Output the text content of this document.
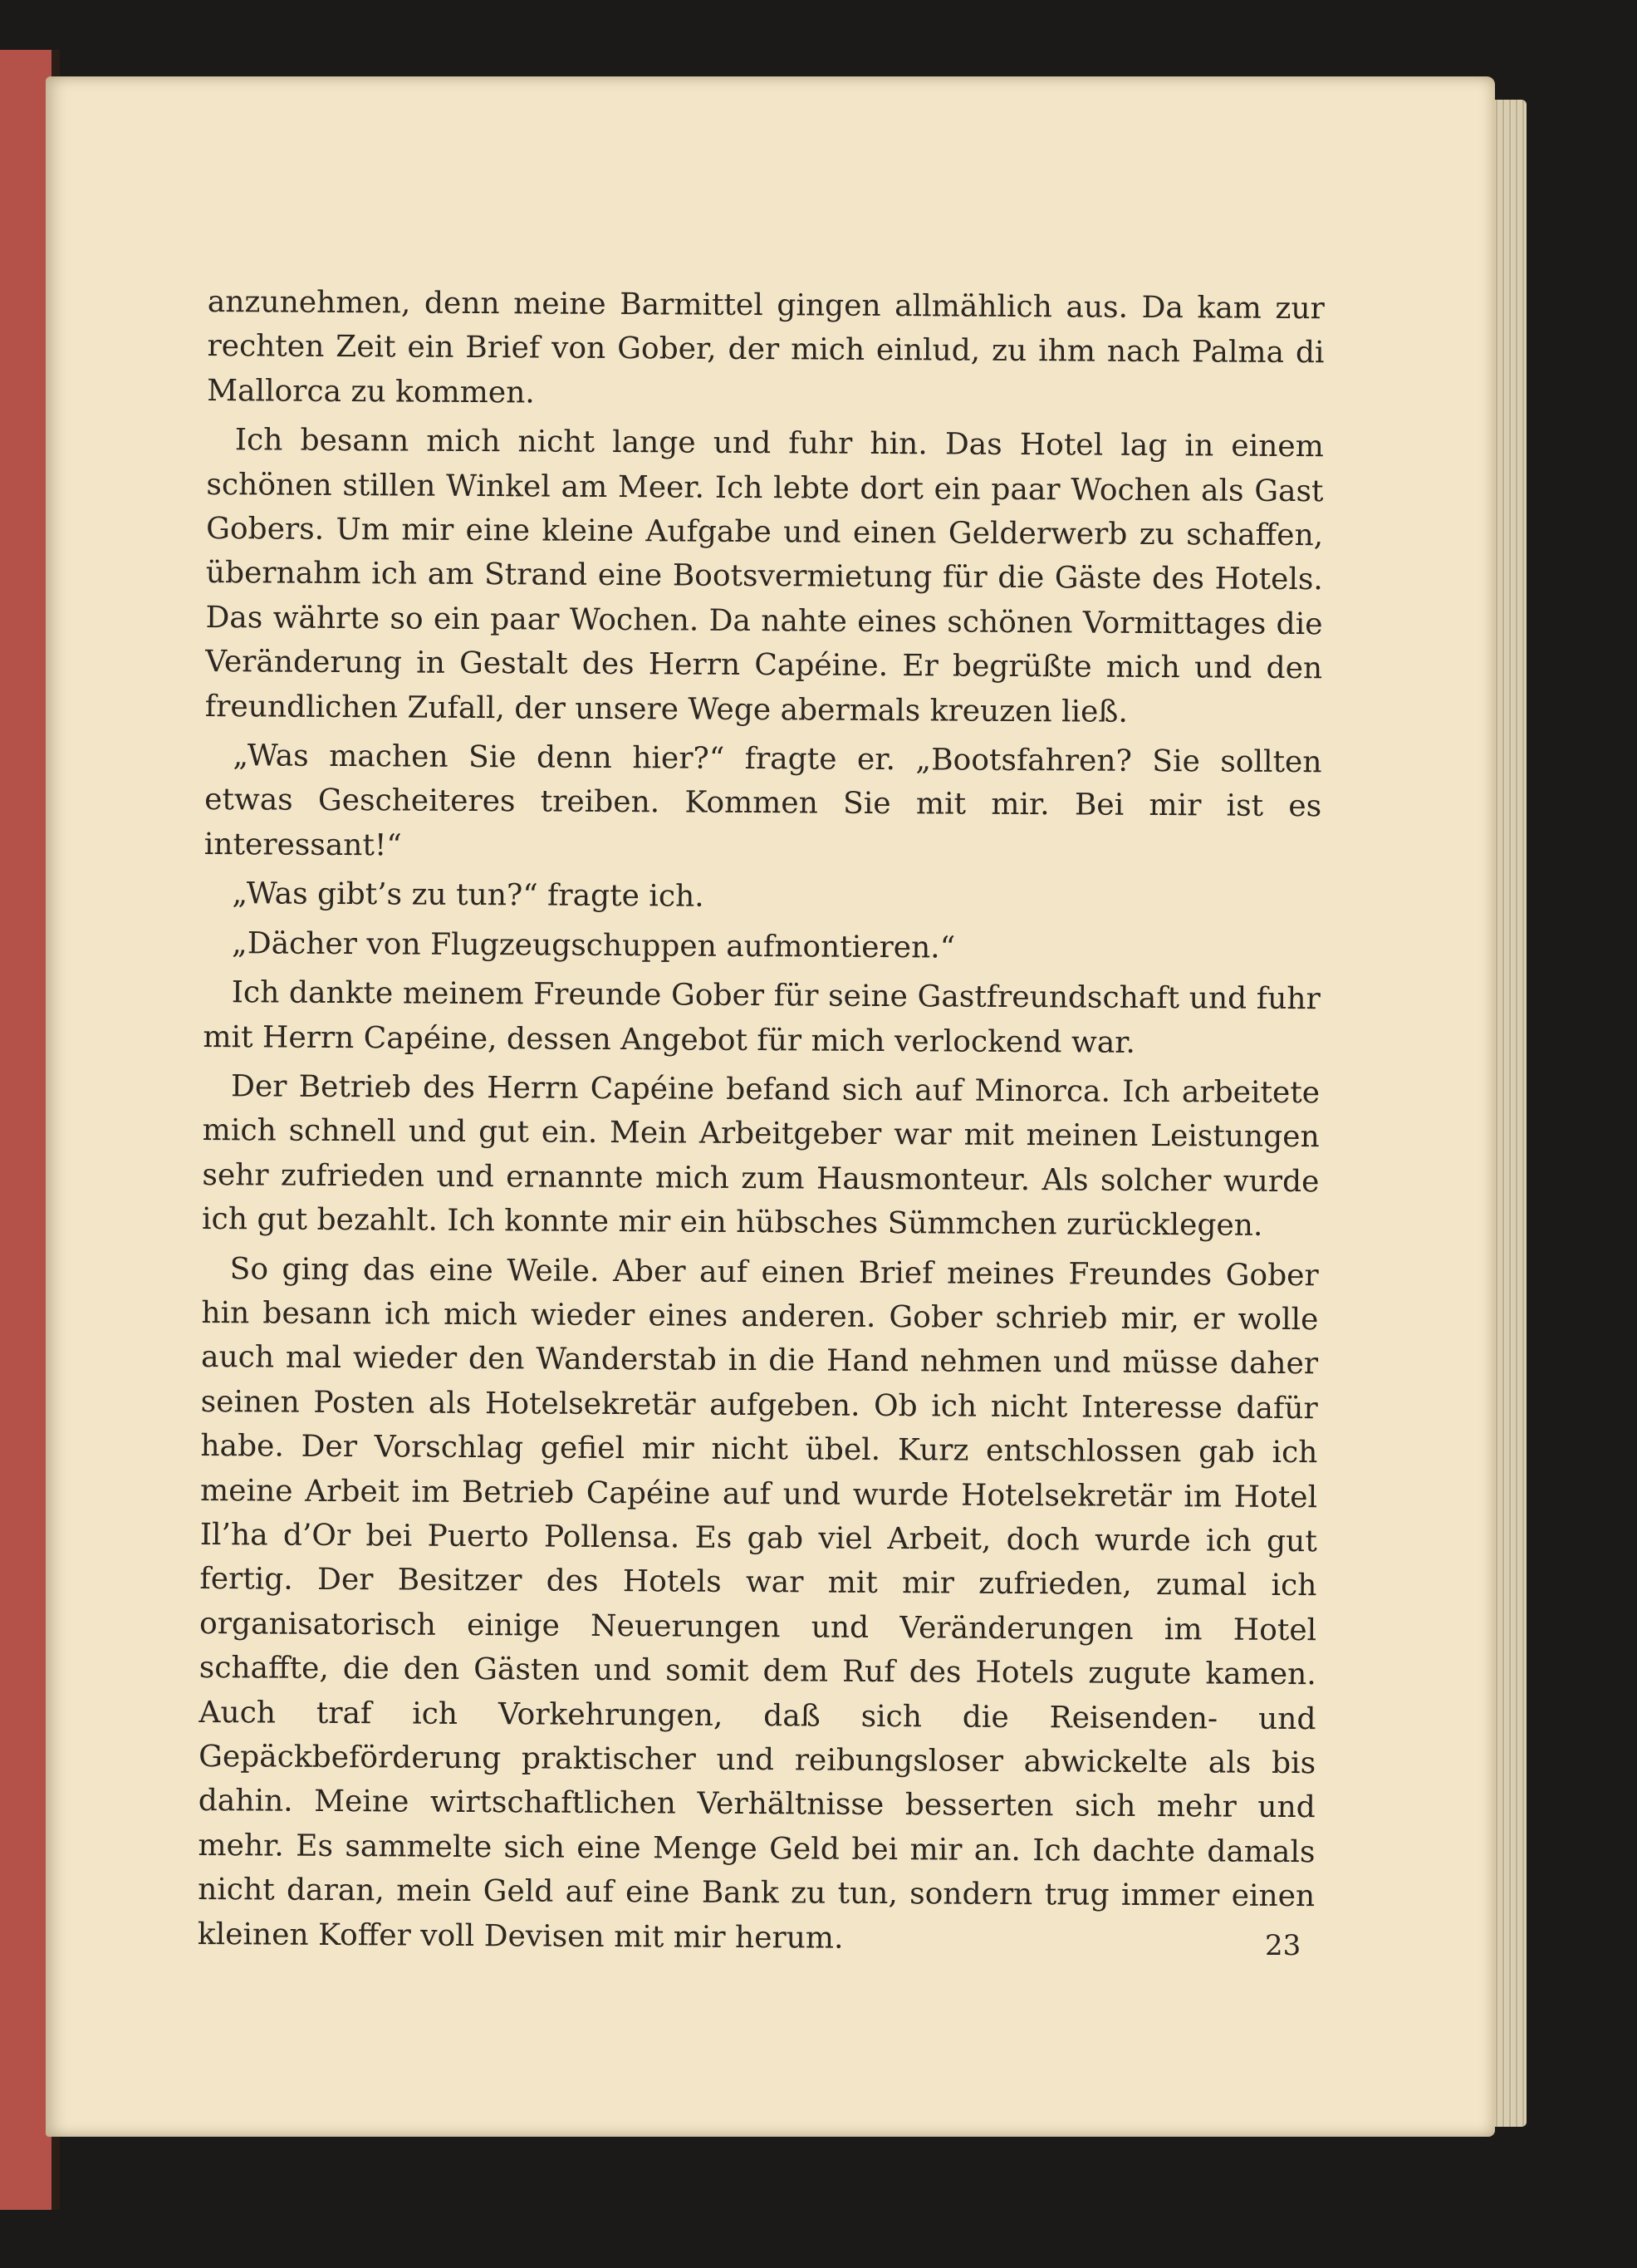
anzunehmen, denn meine Barmittel gingen allmählich aus. Da kam zur rechten Zeit ein Brief von Gober, der mich einlud, zu ihm nach Palma di Mallorca zu kommen.

Ich besann mich nicht lange und fuhr hin. Das Hotel lag in einem schönen stillen Winkel am Meer. Ich lebte dort ein paar Wochen als Gast Gobers. Um mir eine kleine Aufgabe und einen Gelderwerb zu schaffen, übernahm ich am Strand eine Bootsvermietung für die Gäste des Hotels. Das währte so ein paar Wochen. Da nahte eines schönen Vormittages die Veränderung in Gestalt des Herrn Capéine. Er begrüßte mich und den freundlichen Zufall, der unsere Wege abermals kreuzen ließ.

„Was machen Sie denn hier?“ fragte er. „Bootsfahren? Sie sollten etwas Gescheiteres treiben. Kommen Sie mit mir. Bei mir ist es interessant!“

„Was gibt’s zu tun?“ fragte ich.

„Dächer von Flugzeugschuppen aufmontieren.“

Ich dankte meinem Freunde Gober für seine Gastfreundschaft und fuhr mit Herrn Capéine, dessen Angebot für mich verlockend war.

Der Betrieb des Herrn Capéine befand sich auf Minorca. Ich arbeitete mich schnell und gut ein. Mein Arbeitgeber war mit meinen Leistungen sehr zufrieden und ernannte mich zum Hausmonteur. Als solcher wurde ich gut bezahlt. Ich konnte mir ein hübsches Sümmchen zurücklegen.

So ging das eine Weile. Aber auf einen Brief meines Freundes Gober hin besann ich mich wieder eines anderen. Gober schrieb mir, er wolle auch mal wieder den Wanderstab in die Hand nehmen und müsse daher seinen Posten als Hotelsekretär aufgeben. Ob ich nicht Interesse dafür habe. Der Vorschlag gefiel mir nicht übel. Kurz entschlossen gab ich meine Arbeit im Betrieb Capéine auf und wurde Hotelsekretär im Hotel Il’ha d’Or bei Puerto Pollensa. Es gab viel Arbeit, doch wurde ich gut fertig. Der Besitzer des Hotels war mit mir zufrieden, zumal ich organisatorisch einige Neuerungen und Veränderungen im Hotel schaffte, die den Gästen und somit dem Ruf des Hotels zugute kamen. Auch traf ich Vorkehrungen, daß sich die Reisenden- und Gepäckbeförderung praktischer und reibungsloser abwickelte als bis dahin. Meine wirtschaftlichen Verhältnisse besserten sich mehr und mehr. Es sammelte sich eine Menge Geld bei mir an. Ich dachte damals nicht daran, mein Geld auf eine Bank zu tun, sondern trug immer einen kleinen Koffer voll Devisen mit mir herum.	23
